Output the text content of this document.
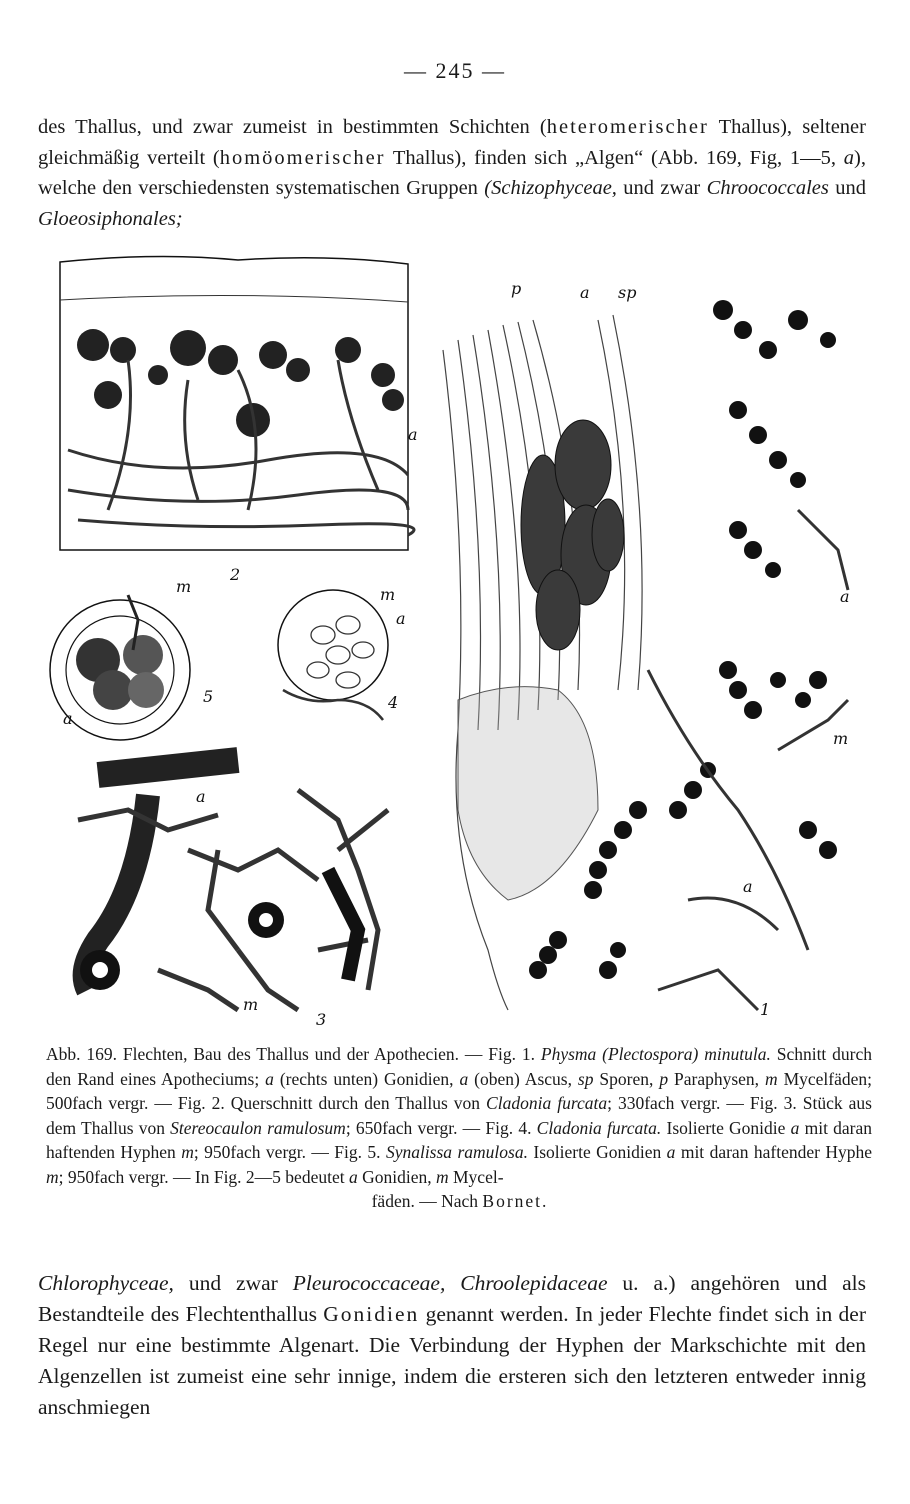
— 245 —
des Thallus, und zwar zumeist in bestimmten Schichten (heteromerischer Thallus), seltener gleichmäßig verteilt (homöomerischer Thallus), finden sich „Algen“ (Abb. 169, Fig, 1—5, a), welche den verschiedensten systematischen Gruppen (Schizophyceae, und zwar Chroococcales und Gloeosiphonales;
a
2
m
a
5
m
a
4
a
m
3
p	a sp
a
m
a
1
Abb. 169. Flechten, Bau des Thallus und der Apothecien. — Fig. 1. Physma (Plectospora) minutula. Schnitt durch den Rand eines Apotheciums; a (rechts unten) Gonidien, a (oben) Ascus, sp Sporen, p Paraphysen, m Mycelfäden; 500fach vergr. — Fig. 2. Querschnitt durch den Thallus von Cladonia furcata; 330fach vergr. — Fig. 3. Stück aus dem Thallus von Stereocaulon ramulosum; 650fach vergr. — Fig. 4. Cladonia furcata. Isolierte Gonidie a mit daran haftenden Hyphen m; 950fach vergr. — Fig. 5. Synalissa ramulosa. Isolierte Gonidien a mit daran haftender Hyphe m; 950fach vergr. — In Fig. 2—5 bedeutet a Gonidien, m Mycel-
fäden. — Nach Bornet.
Chlorophyceae, und zwar Pleurococcaceae, Chroolepidaceae u. a.) angehören und als Bestandteile des Flechtenthallus Gonidien genannt werden. In jeder Flechte findet sich in der Regel nur eine bestimmte Algenart. Die Verbindung der Hyphen der Markschichte mit den Algenzellen ist zumeist eine sehr innige, indem die ersteren sich den letzteren entweder innig anschmiegen
